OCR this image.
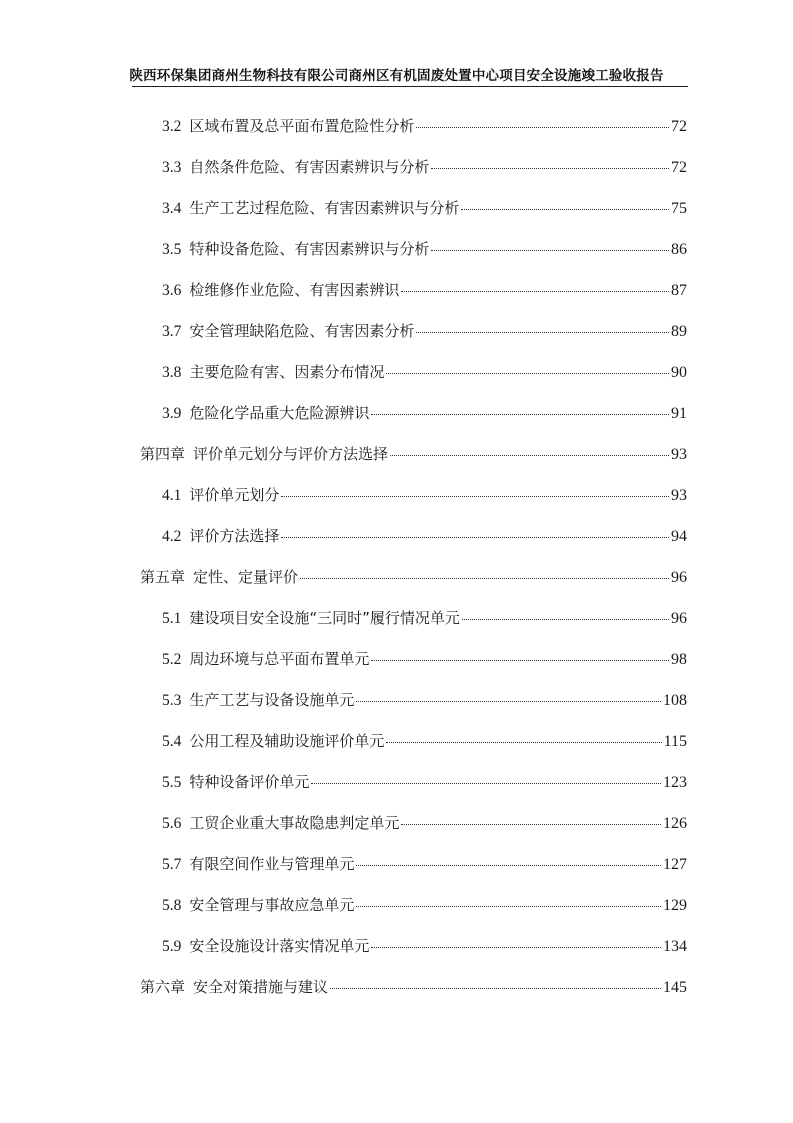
陕西环保集团商州生物科技有限公司商州区有机固废处置中心项目安全设施竣工验收报告
3.2 区域布置及总平面布置危险性分析	72
3.3 自然条件危险、有害因素辨识与分析	72
3.4 生产工艺过程危险、有害因素辨识与分析	75
3.5 特种设备危险、有害因素辨识与分析	86
3.6 检维修作业危险、有害因素辨识	87
3.7 安全管理缺陷危险、有害因素分析	89
3.8 主要危险有害、因素分布情况	90
3.9 危险化学品重大危险源辨识	91
第四章 评价单元划分与评价方法选择	93
4.1 评价单元划分	93
4.2 评价方法选择	94
第五章 定性、定量评价	96
5.1 建设项目安全设施“三同时”履行情况单元	96
5.2 周边环境与总平面布置单元	98
5.3 生产工艺与设备设施单元	108
5.4 公用工程及辅助设施评价单元	115
5.5 特种设备评价单元	123
5.6 工贸企业重大事故隐患判定单元	126
5.7 有限空间作业与管理单元	127
5.8 安全管理与事故应急单元	129
5.9 安全设施设计落实情况单元	134
第六章 安全对策措施与建议	145
